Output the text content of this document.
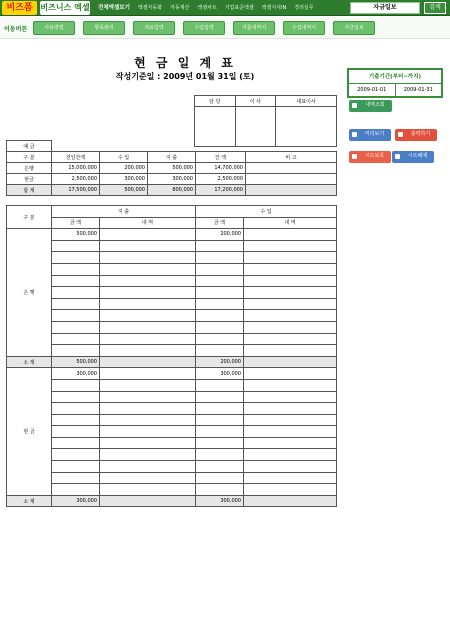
비즈폼 비즈니스 엑셀	전체엑셀보기	엑셀자동화	자동계산	엑셀차트	기업표준엑셀	엑셀지식IN	경리실무	자금일보	검색
이동버튼	사용방법	항목관리	자료입력	수입입력	지출내역서	수입내역서	자금일보
현 금 일 계 표
작성기준일 : 2009년 01월 31일 (토)
담 당	이 사	대표이사

기출기간(부터~까지)
2009-01-01	2009-01-31
내역조회
미리보기	출력하기
시트보호	시트해제
예 금					
구 분	전일잔액	수 입	지 출	잔 액	비 고
은행	15,000,000	200,000	500,000	14,700,000	
현금	2,500,000	300,000	300,000	2,500,000	
합 계	17,500,000	500,000	800,000	17,200,000	
구 분	지 출		수 입	
	금 액	내 역	금 액	내 역
은 행	500,000		200,000	

소 계	500,000		200,000	
현 금	300,000		300,000	

소 계	300,000		300,000	
